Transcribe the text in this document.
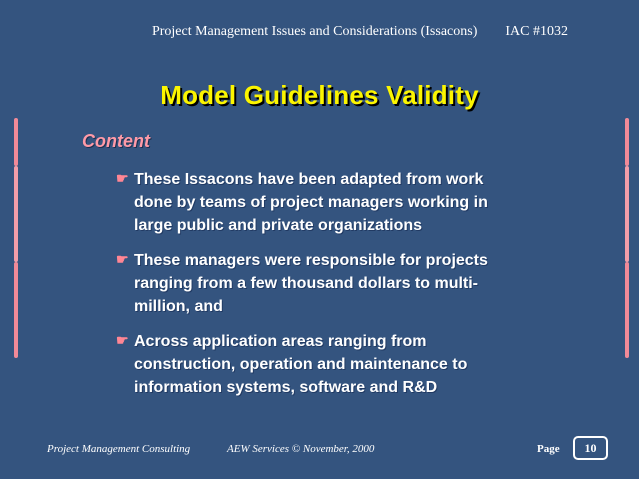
Project Management Issues and Considerations (Issacons) IAC #1032
Model Guidelines Validity
Content
☛ These Issacons have been adapted from work
done by teams of project managers working in
large public and private organizations
☛ These managers were responsible for projects
ranging from a few thousand dollars to multi-
million, and
☛ Across application areas ranging from
construction, operation and maintenance to
information systems, software and R&D
Project Management Consulting	AEW Services © November, 2000	Page 10
